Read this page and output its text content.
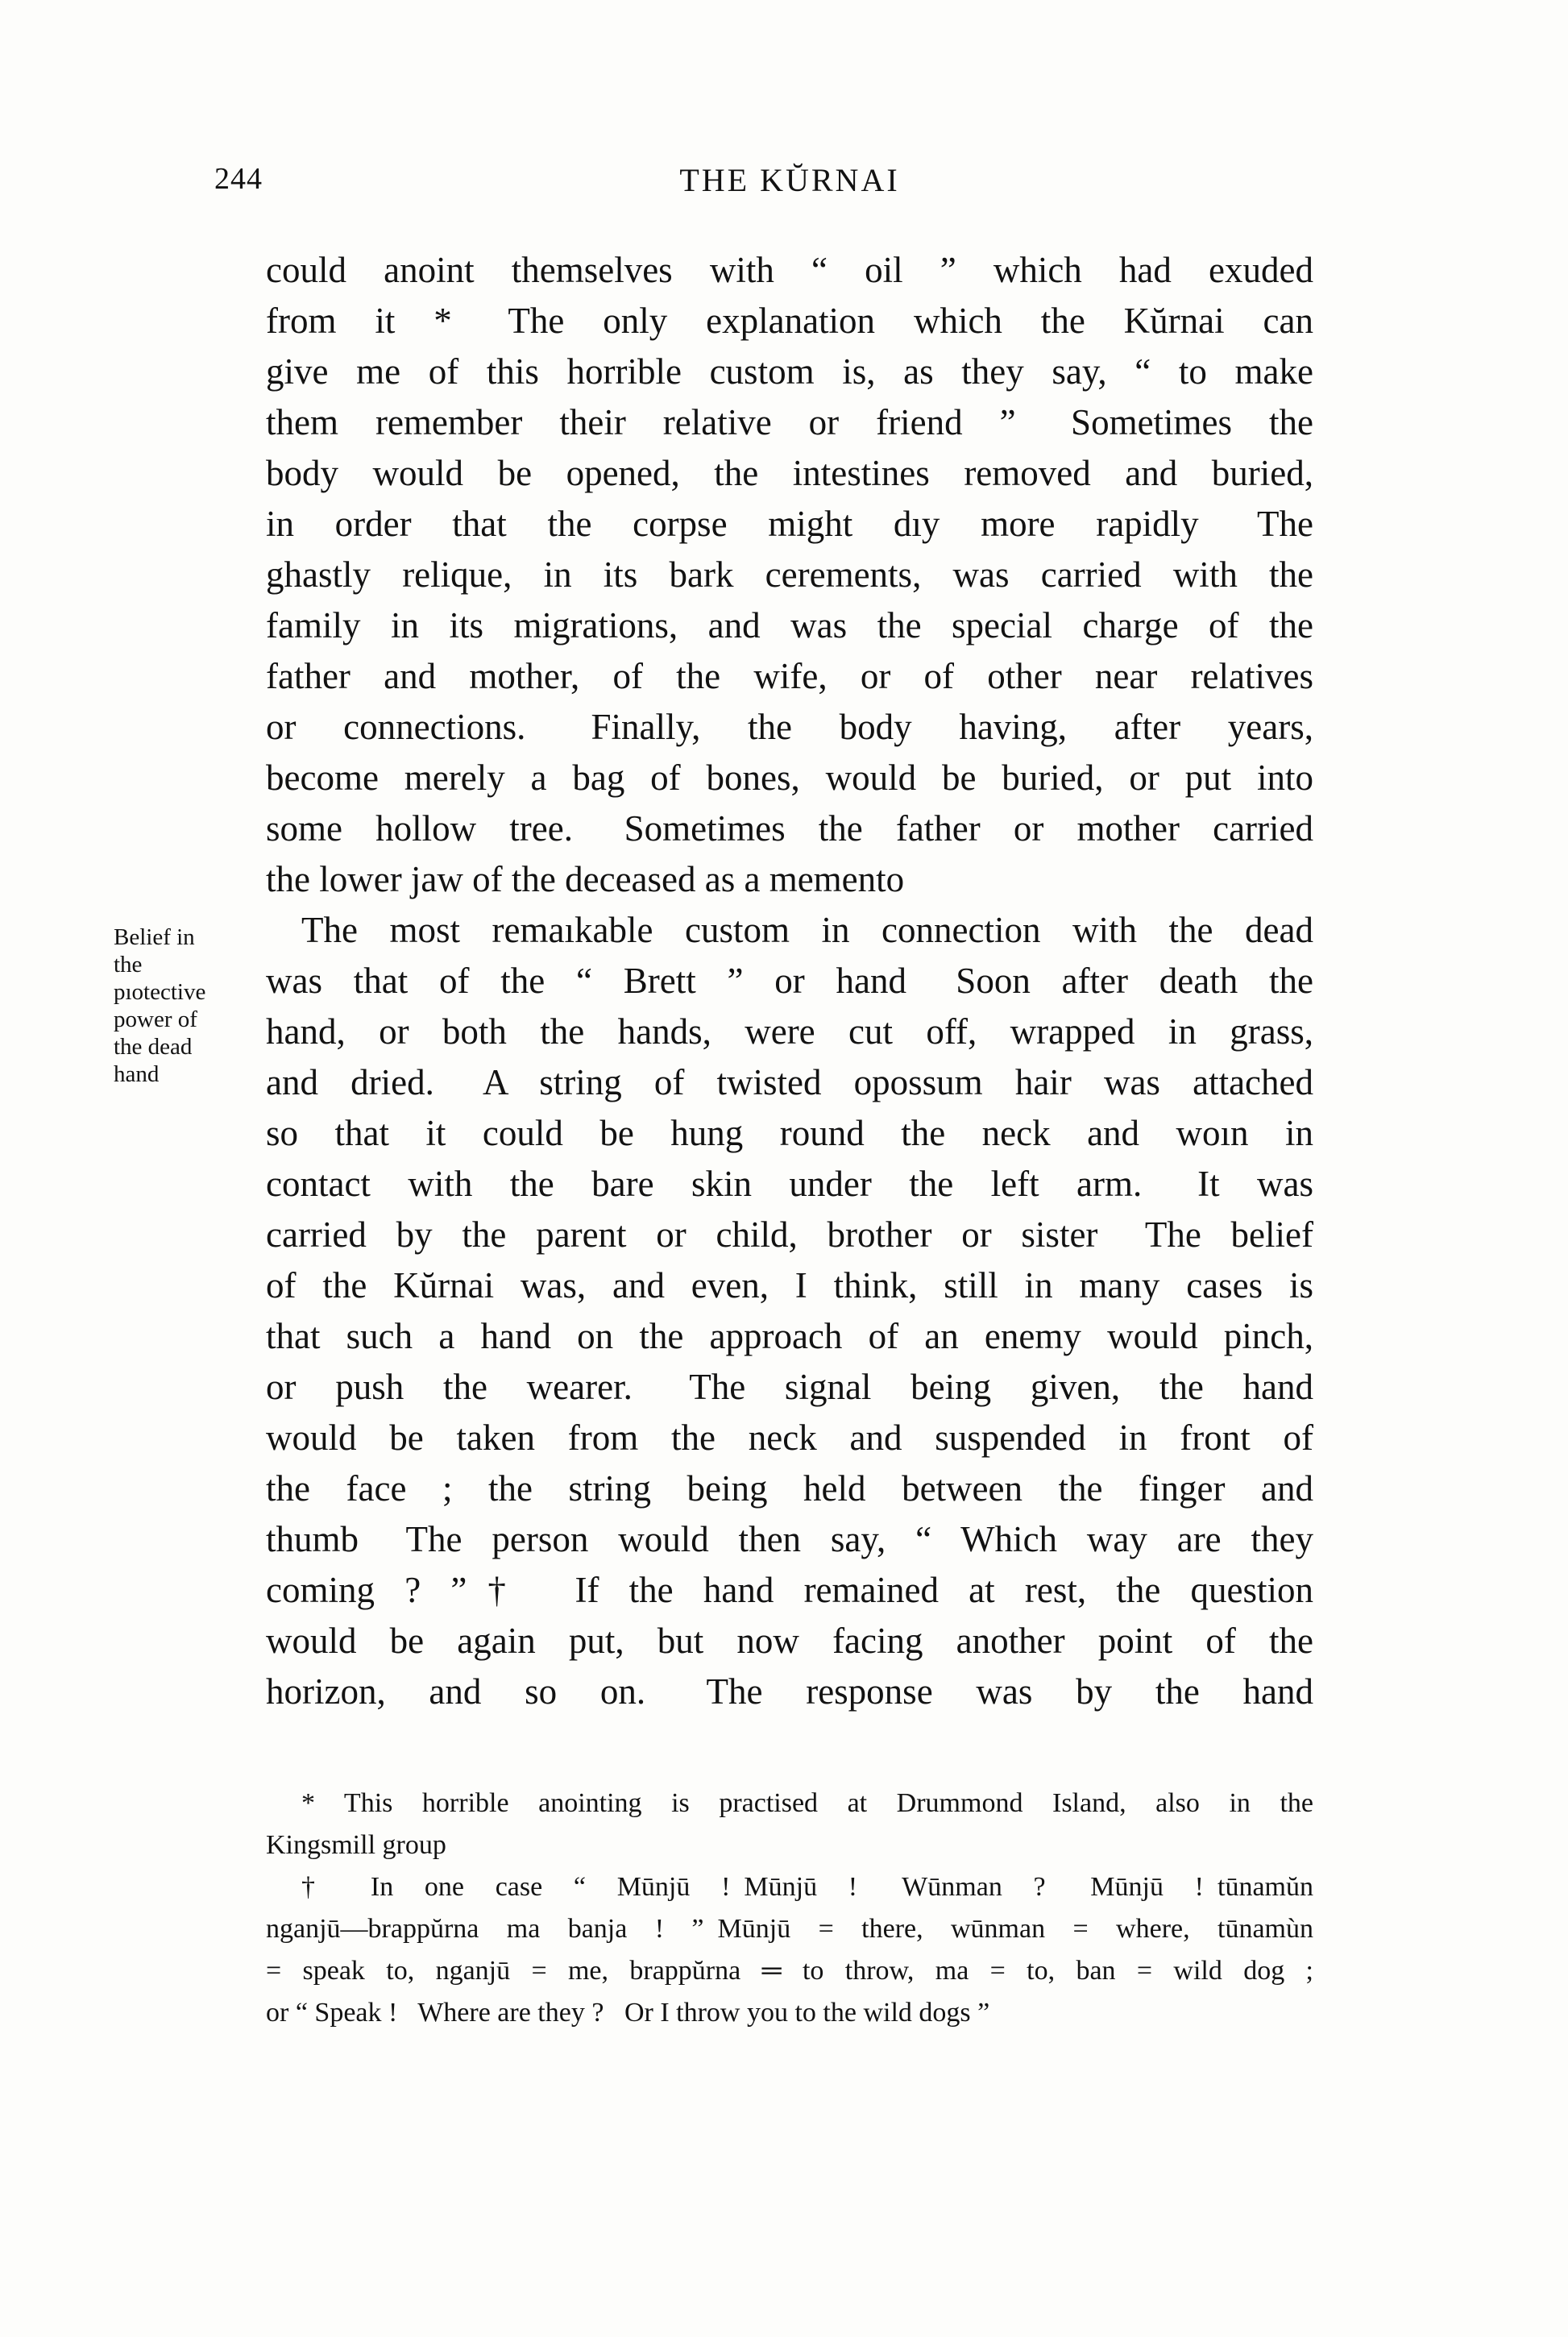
244	THE KŬRNAI
Belief in
the
pıotective
power of
the dead
hand
could anoint themselves with “ oil ” which had exuded
from it *  The only explanation which the Kŭrnai can
give me of this horrible custom is, as they say, “ to make
them remember their relative or friend ”  Sometimes the
body would be opened, the intestines removed and buried,
in order that the corpse might dıy more rapidly  The
ghastly relique, in its bark cerements, was carried with the
family in its migrations, and was the special charge of the
father and mother, of the wife, or of other near relatives
or connections.  Finally, the body having, after years,
become merely a bag of bones, would be buried, or put into
some hollow tree.  Sometimes the father or mother carried
the lower jaw of the deceased as a memento
The most remaıkable custom in connection with the dead
was that of the “ Brett ” or hand  Soon after death the
hand, or both the hands, were cut off, wrapped in grass,
and dried.  A string of twisted opossum hair was attached
so that it could be hung round the neck and woın in
contact with the bare skin under the left arm.  It was
carried by the parent or child, brother or sister  The belief
of the Kŭrnai was, and even, I think, still in many cases is
that such a hand on the approach of an enemy would pinch,
or push the wearer.  The signal being given, the hand
would be taken from the neck and suspended in front of
the face ; the string being held between the finger and
thumb  The person would then say, “ Which way are they
coming ? ”†  If the hand remained at rest, the question
would be again put, but now facing another point of the
horizon, and so on.  The response was by the hand
* This horrible anointing is practised at Drummond Island, also in the
Kingsmill group
† In one case “ Mūnjū ! Mūnjū !  Wūnman ?  Mūnjū ! tūnamŭn
nganjū—brappŭrna ma banja ! ” Mūnjū = there, wūnman = where, tūnamùn
= speak to, nganjū = me, brappŭrna ═ to throw, ma = to, ban = wild dog ;
or “ Speak !  Where are they ?  Or I throw you to the wild dogs ”
